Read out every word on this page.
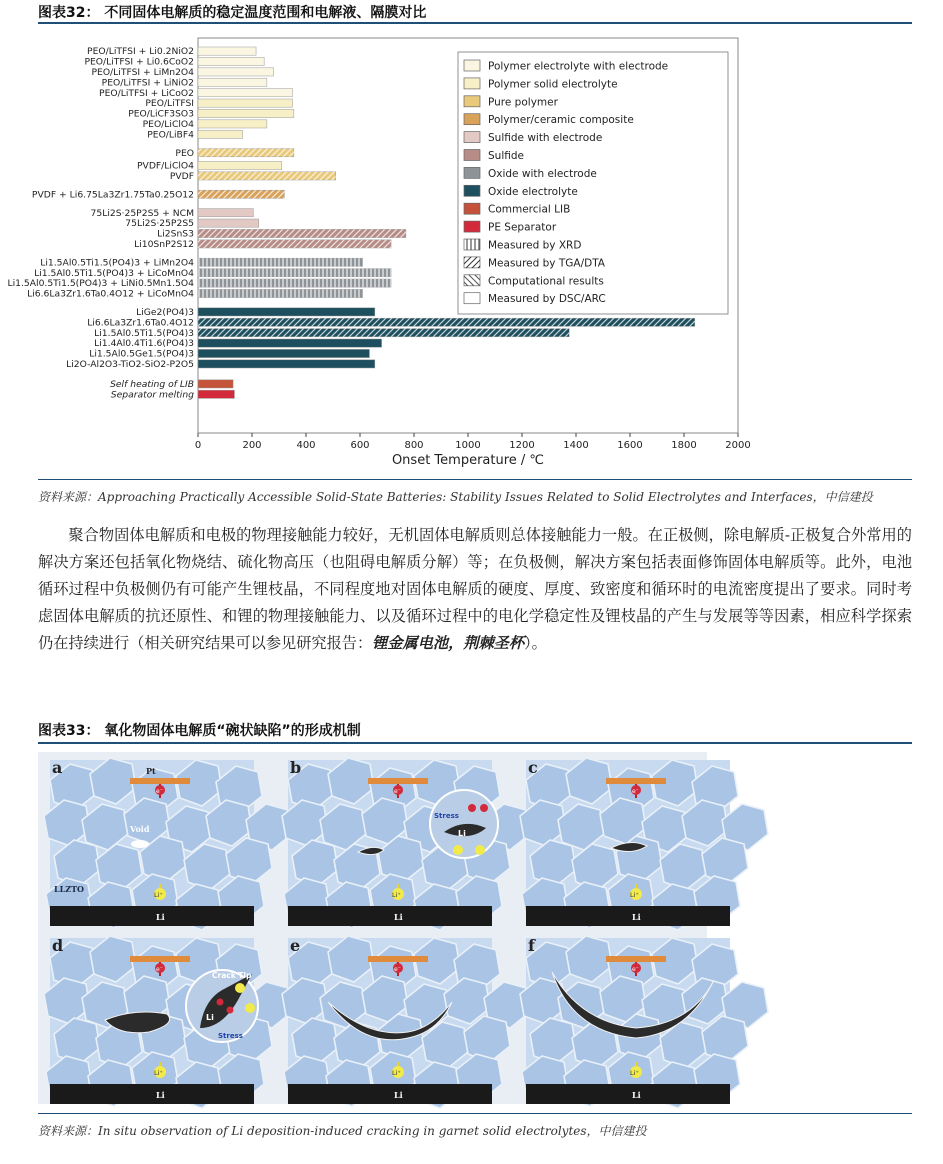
图表32： 不同固体电解质的稳定温度范围和电解液、隔膜对比
PEO/LiTFSI + Li0.2NiO2
PEO/LiTFSI + Li0.6CoO2
PEO/LiTFSI + LiMn2O4
PEO/LiTFSI + LiNiO2
PEO/LiTFSI + LiCoO2
PEO/LiTFSI
PEO/LiCF3SO3
PEO/LiClO4
PEO/LiBF4
PEO
PVDF/LiClO4
PVDF
PVDF + Li6.75La3Zr1.75Ta0.25O12
75Li2S·25P2S5 + NCM
75Li2S·25P2S5
Li2SnS3
Li10SnP2S12
Li1.5Al0.5Ti1.5(PO4)3 + LiMn2O4
Li1.5Al0.5Ti1.5(PO4)3 + LiCoMnO4
Li1.5Al0.5Ti1.5(PO4)3 + LiNi0.5Mn1.5O4
Li6.6La3Zr1.6Ta0.4O12 + LiCoMnO4
LiGe2(PO4)3
Li6.6La3Zr1.6Ta0.4O12
Li1.5Al0.5Ti1.5(PO4)3
Li1.4Al0.4Ti1.6(PO4)3
Li1.5Al0.5Ge1.5(PO4)3
Li2O-Al2O3-TiO2-SiO2-P2O5
Self heating of LIB
Separator melting
0	200	400	600	800	1000	1200	1400	1600	1800	2000
Onset Temperature / ℃
Polymer electrolyte with electrode
Polymer solid electrolyte
Pure polymer
Polymer/ceramic composite
Sulfide with electrode
Sulfide
Oxide with electrode
Oxide electrolyte
Commercial LIB
PE Separator
Measured by XRD
Measured by TGA/DTA
Computational results
Measured by DSC/ARC
资料来源：Approaching Practically Accessible Solid-State Batteries: Stability Issues Related to Solid Electrolytes and Interfaces，中信建投
聚合物固体电解质和电极的物理接触能力较好，无机固体电解质则总体接触能力一般。在正极侧，除电解质-正极复合外常用的解决方案还包括氧化物烧结、硫化物高压（也阻碍电解质分解）等；在负极侧，解决方案包括表面修饰固体电解质等。此外，电池循环过程中负极侧仍有可能产生锂枝晶，不同程度地对固体电解质的硬度、厚度、致密度和循环时的电流密度提出了要求。同时考虑固体电解质的抗还原性、和锂的物理接触能力、以及循环过程中的电化学稳定性及锂枝晶的产生与发展等等因素，相应科学探索仍在持续进行（相关研究结果可以参见研究报告：锂金属电池，荆棘圣杯）。
图表33： 氧化物固体电解质“碗状缺陷”的形成机制
e⁻
Void
Pt
LLZTO
Li⁺
Li
a
e⁻
Li⁺
Li
Li
Stress
b
e⁻
Li⁺
Li
c
e⁻
Li⁺
Li
Crack Tip
Li
Stress
d
e⁻
Li⁺
Li
e
e⁻
Li⁺
Li
f
资料来源：In situ observation of Li deposition-induced cracking in garnet solid electrolytes，中信建投
